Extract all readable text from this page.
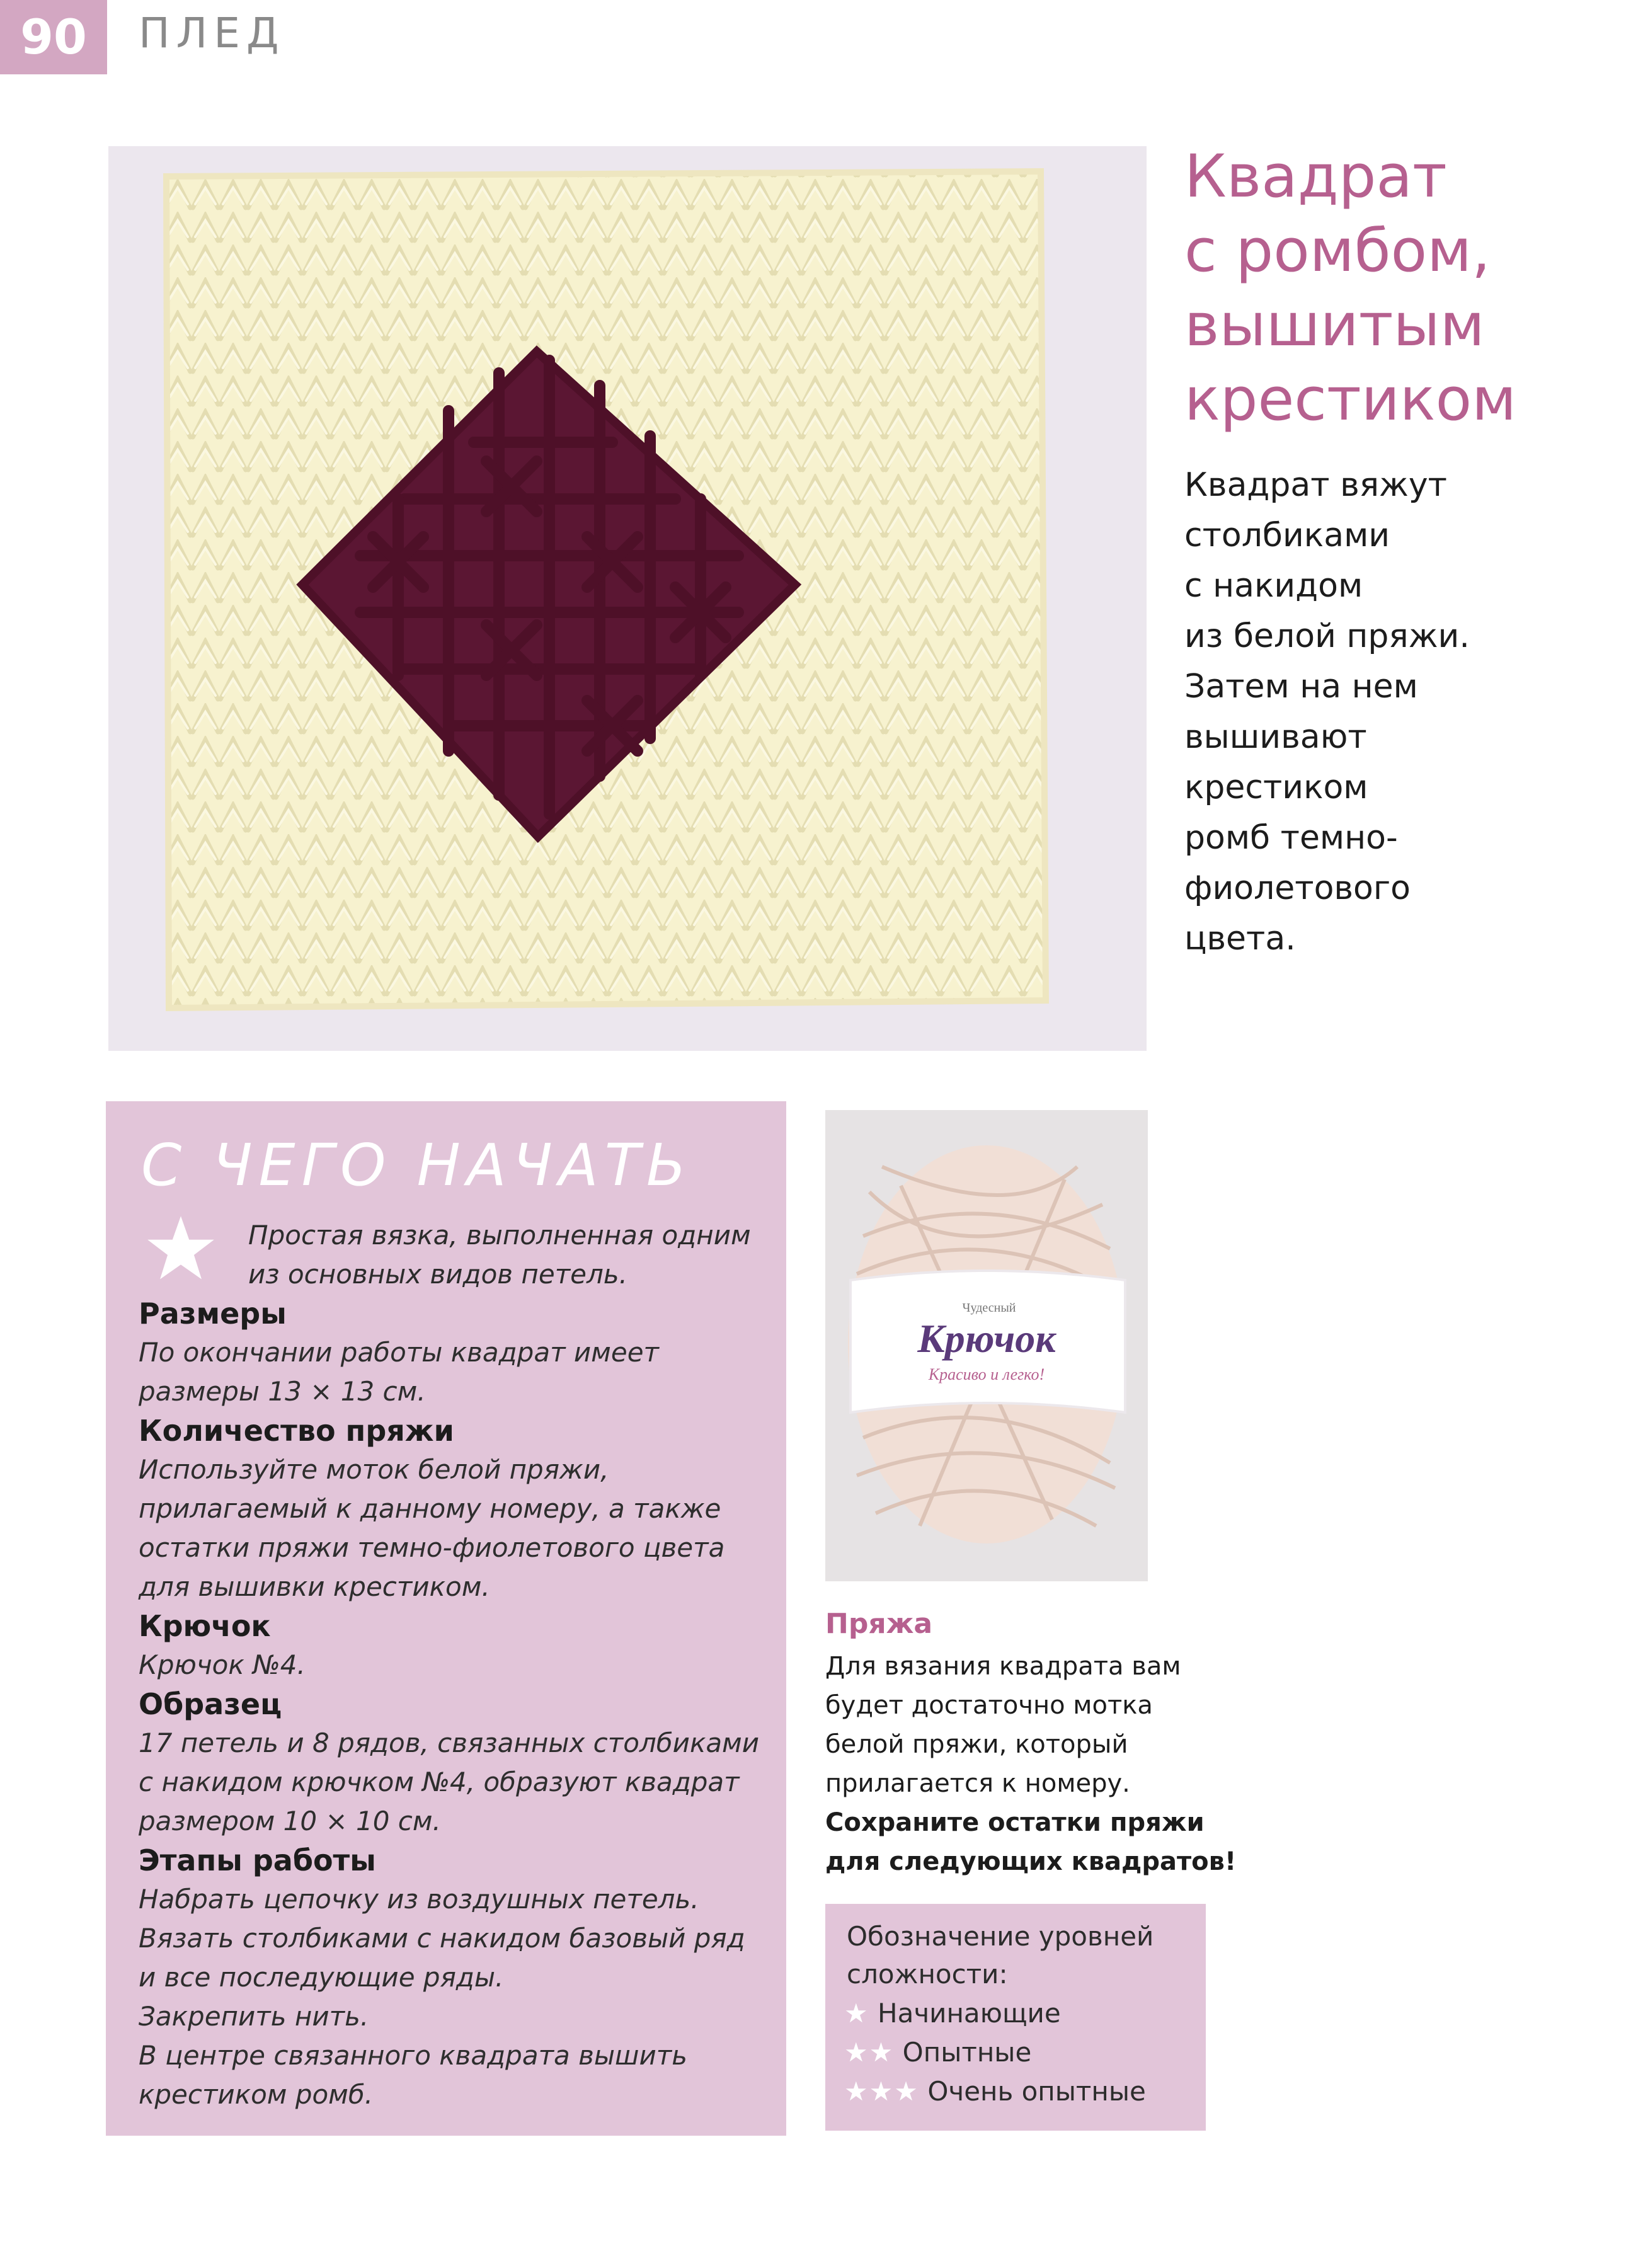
90	ПЛЕД
Квадрат
с ромбом,
вышитым
крестиком
Квадрат вяжут
столбиками
с накидом
из белой пряжи.
Затем на нем
вышивают
крестиком
ромб темно-
фиолетового
цвета.
С ЧЕГО НАЧАТЬ
Простая вязка, выполненная одним
из основных видов петель.
Размеры
По окончании работы квадрат имеет
размеры 13 × 13 см.
Количество пряжи
Используйте моток белой пряжи,
прилагаемый к данному номеру, а также
остатки пряжи темно-фиолетового цвета
для вышивки крестиком.
Крючок
Крючок №4.
Образец
17 петель и 8 рядов, связанных столбиками
с накидом крючком №4, образуют квадрат
размером 10 × 10 см.
Этапы работы
Набрать цепочку из воздушных петель.
Вязать столбиками с накидом базовый ряд
и все последующие ряды.
Закрепить нить.
В центре связанного квадрата вышить
крестиком ромб.
Чудесный
Крючок
Красиво и легко!
Пряжа
Для вязания квадрата вам
будет достаточно мотка
белой пряжи, который
прилагается к номеру.
Сохраните остатки пряжи
для следующих квадратов!
Обозначение уровней
сложности:
★ Начинающие
★★ Опытные
★★★ Очень опытные
